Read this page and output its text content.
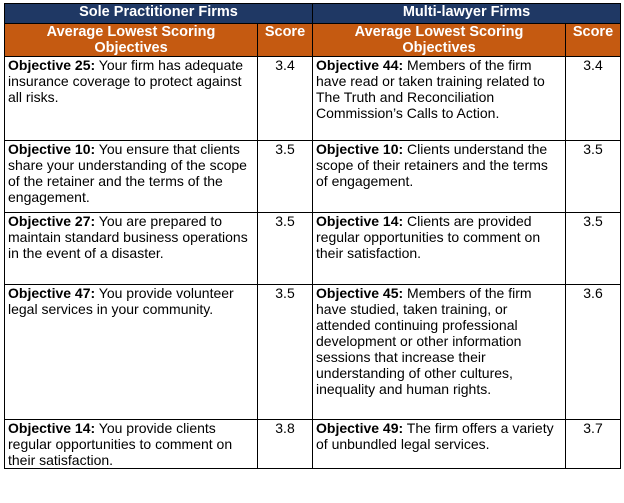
Sole Practitioner Firms		Multi-lawyer Firms	
Average Lowest Scoring Objectives	Score	Average Lowest Scoring Objectives	Score
Objective 25: Your firm has adequate insurance coverage to protect against all risks.	3.4	Objective 44: Members of the firm have read or taken training related to The Truth and Reconciliation Commission’s Calls to Action.	3.4
Objective 10: You ensure that clients share your understanding of the scope of the retainer and the terms of the engagement.	3.5	Objective 10: Clients understand the scope of their retainers and the terms of engagement.	3.5
Objective 27: You are prepared to maintain standard business operations in the event of a disaster.	3.5	Objective 14: Clients are provided regular opportunities to comment on their satisfaction.	3.5
Objective 47: You provide volunteer legal services in your community.	3.5	Objective 45: Members of the firm have studied, taken training, or attended continuing professional development or other information sessions that increase their understanding of other cultures, inequality and human rights.	3.6
Objective 14: You provide clients regular opportunities to comment on their satisfaction.	3.8	Objective 49: The firm offers a variety of unbundled legal services.	3.7
